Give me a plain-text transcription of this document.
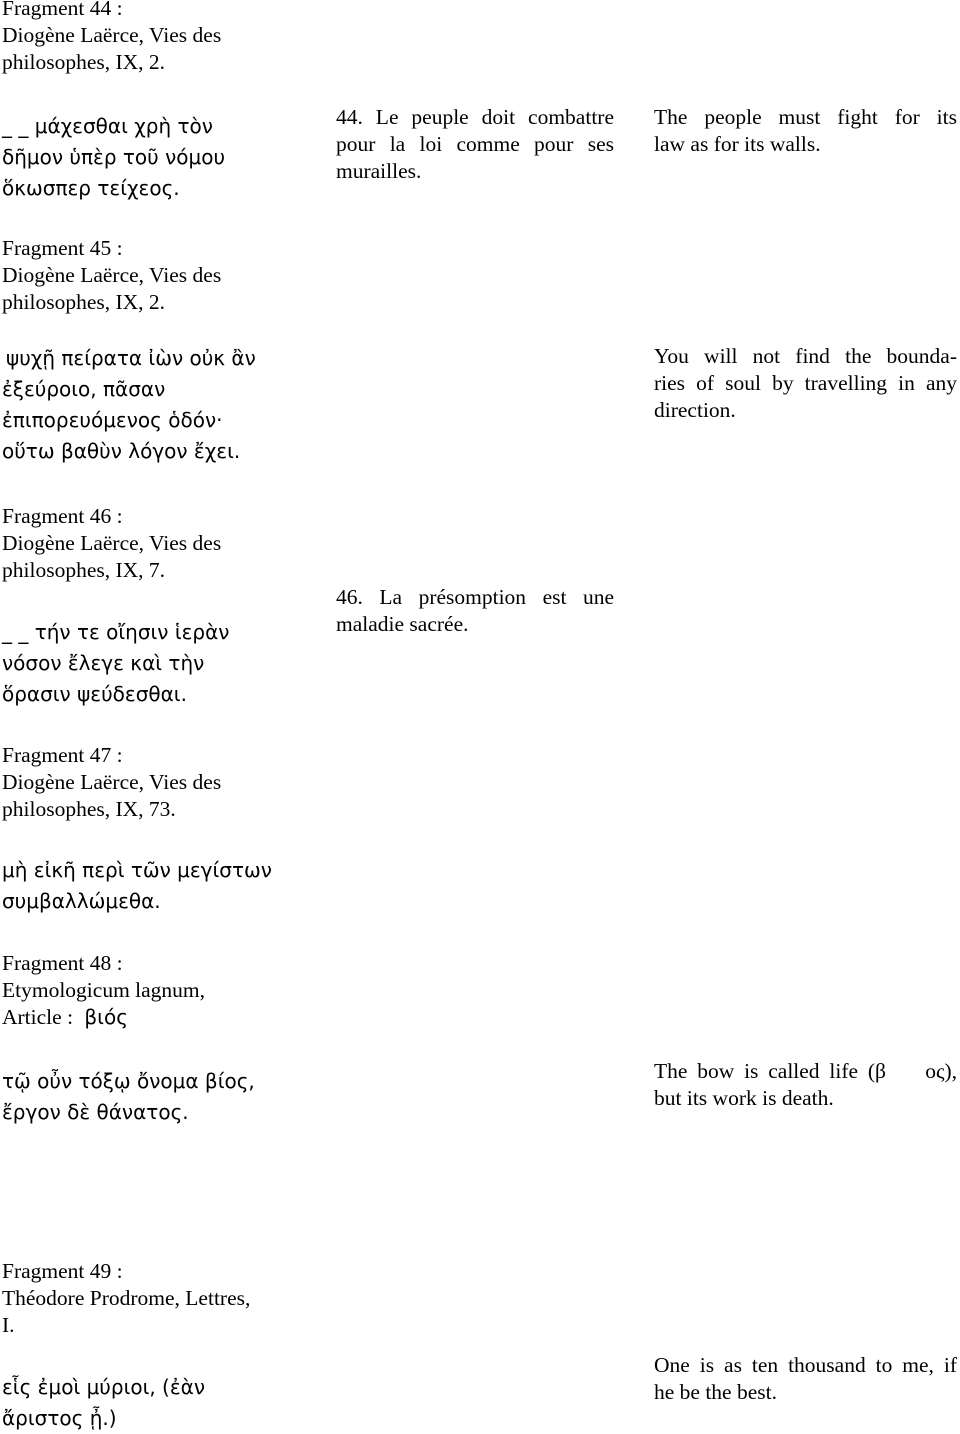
Fragment 44 :
Diogène Laërce, Vies des
philosophes, IX, 2.
_ _ μάχεσθαι χρὴ τὸν
δῆμον ὑπὲρ τοῦ νόμου
ὅκωσπερ τείχεος.
44. Le peuple doit combattre
pour la loi comme pour ses
murailles.
The people must fight for its
law as for its walls.
Fragment 45 :
Diogène Laërce, Vies des
philosophes, IX, 2.
ψυχῇ πείρατα ἰὼν οὐκ ἂν
ἐξεύροιο, πᾶσαν
ἐπιπορευόμενος ὁδόν·
οὕτω βαθὺν λόγον ἔχει.
You will not find the bounda-
ries of soul by travelling in any
direction.
Fragment 46 :
Diogène Laërce, Vies des
philosophes, IX, 7.
_ _ τήν τε οἴησιν ἱερὰν
νόσον ἔλεγε καὶ τὴν
ὅρασιν ψεύδεσθαι.
46. La présomption est une
maladie sacrée.
Fragment 47 :
Diogène Laërce, Vies des
philosophes, IX, 73.
μὴ εἰκῆ περὶ τῶν μεγίστων
συμβαλλώμεθα.
Fragment 48 :
Etymologicum lagnum,
Article : βιός
τῷ οὖν τόξῳ ὄνομα βίος,
ἔργον δὲ θάνατος.
The bow is called life (β    ος),
but its work is death.
Fragment 49 :
Théodore Prodrome, Lettres,
I.
εἷς ἐμοὶ μύριοι, (ἐὰν
ἄριστος ᾖ.)
One is as ten thousand to me, if
he be the best.
